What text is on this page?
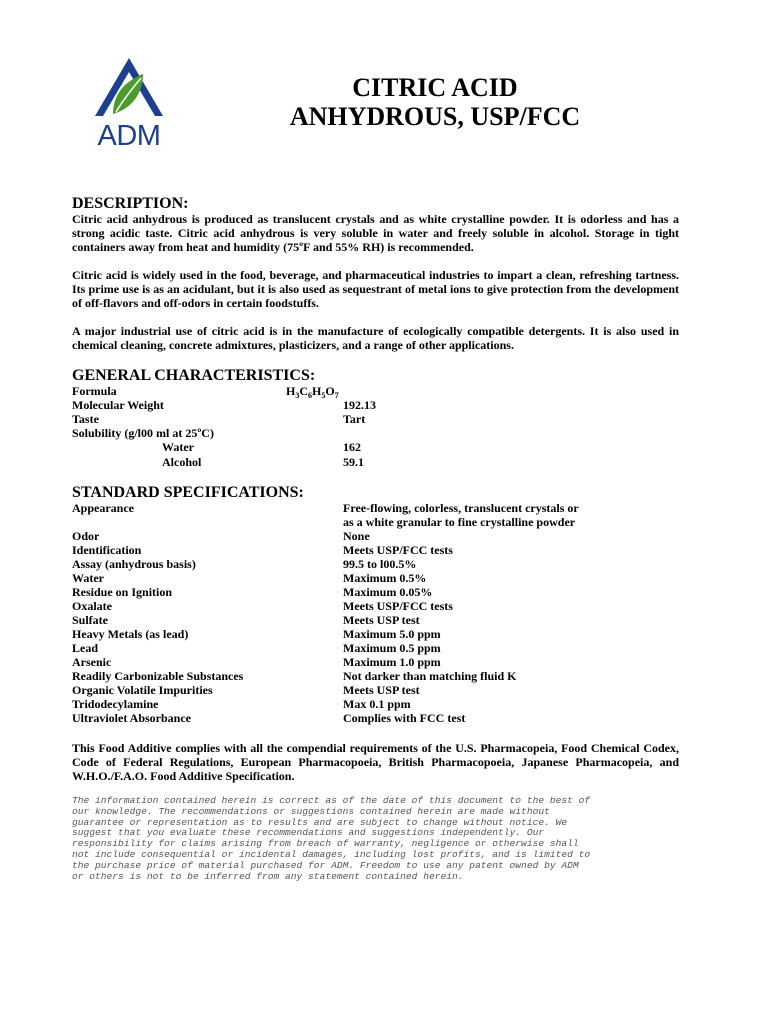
ADM
CITRIC ACID
ANHYDROUS, USP/FCC
DESCRIPTION:
Citric acid anhydrous is produced as translucent crystals and as white crystalline powder. It is odorless and has a strong acidic taste. Citric acid anhydrous is very soluble in water and freely soluble in alcohol. Storage in tight containers away from heat and humidity (75ºF and 55% RH) is recommended.
Citric acid is widely used in the food, beverage, and pharmaceutical industries to impart a clean, refreshing tartness. Its prime use is as an acidulant, but it is also used as sequestrant of metal ions to give protection from the development of off-flavors and off-odors in certain foodstuffs.
A major industrial use of citric acid is in the manufacture of ecologically compatible detergents. It is also used in chemical cleaning, concrete admixtures, plasticizers, and a range of other applications.
GENERAL CHARACTERISTICS:
Formula	$H_3C_6H_5O_7$
Molecular Weight	192.13
Taste	Tart
Solubility (g/l00 ml at 25ºC)
Water	162
Alcohol	59.1
STANDARD SPECIFICATIONS:
Appearance	Free-flowing, colorless, translucent crystals or
as a white granular to fine crystalline powder
Odor	None
Identification	Meets USP/FCC tests
Assay (anhydrous basis)	99.5 to l00.5%
Water	Maximum 0.5%
Residue on Ignition	Maximum 0.05%
Oxalate	Meets USP/FCC tests
Sulfate	Meets USP test
Heavy Metals (as lead)	Maximum 5.0 ppm
Lead	Maximum 0.5 ppm
Arsenic	Maximum 1.0 ppm
Readily Carbonizable Substances	Not darker than matching fluid K
Organic Volatile Impurities	Meets USP test
Tridodecylamine	Max 0.1 ppm
Ultraviolet Absorbance	Complies with FCC test
This Food Additive complies with all the compendial requirements of the U.S. Pharmacopeia, Food Chemical Codex, Code of Federal Regulations, European Pharmacopoeia, British Pharmacopoeia, Japanese Pharmacopeia, and W.H.O./F.A.O. Food Additive Specification.
The information contained herein is correct as of the date of this document to the best of
our knowledge. The recommendations or suggestions contained herein are made without
guarantee or representation as to results and are subject to change without notice. We
suggest that you evaluate these recommendations and suggestions independently. Our
responsibility for claims arising from breach of warranty, negligence or otherwise shall
not include consequential or incidental damages, including lost profits, and is limited to
the purchase price of material purchased for ADM. Freedom to use any patent owned by ADM
or others is not to be inferred from any statement contained herein.
